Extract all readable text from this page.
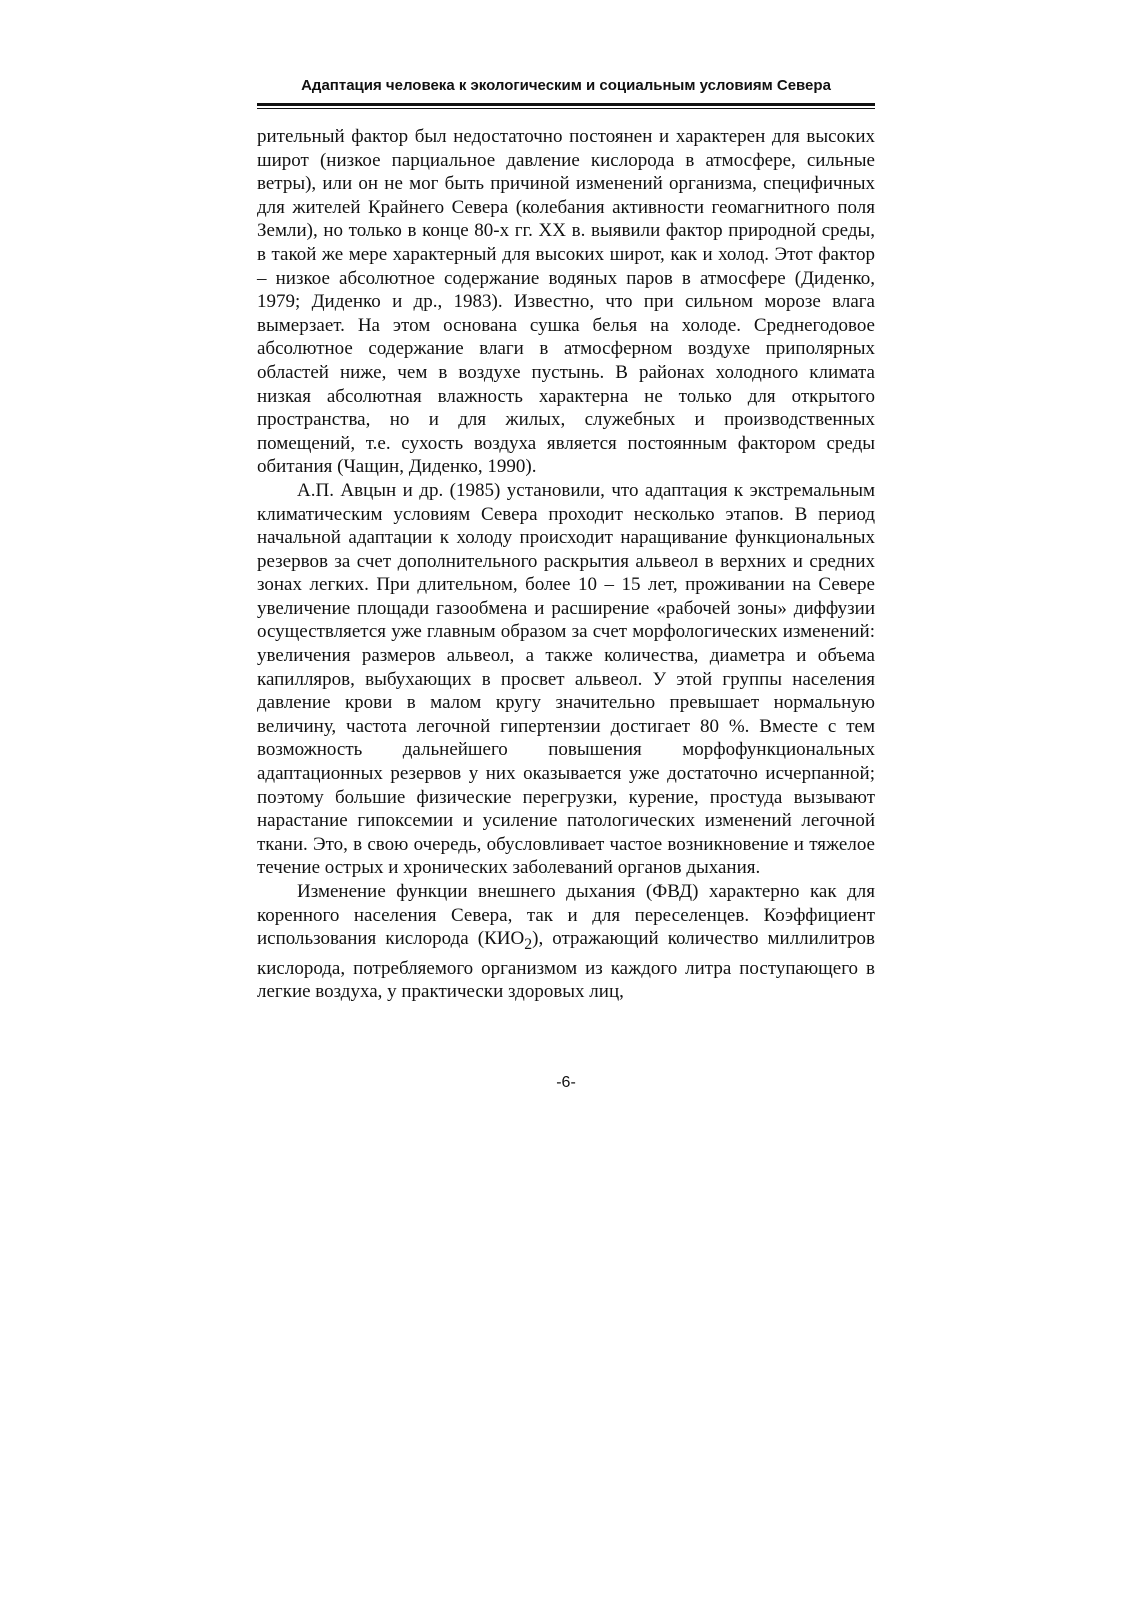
Адаптация человека к экологическим и социальным условиям Севера

рительный фактор был недостаточно постоянен и характерен для высоких широт (низкое парциальное давление кислорода в атмосфере, сильные ветры), или он не мог быть причиной изменений организма, специфичных для жителей Крайнего Севера (колебания активности геомагнитного поля Земли), но только в конце 80-х гг. XX в. выявили фактор природной среды, в такой же мере характерный для высоких широт, как и холод. Этот фактор – низкое абсолютное содержание водяных паров в атмосфере (Диденко, 1979; Диденко и др., 1983). Известно, что при сильном морозе влага вымерзает. На этом основана сушка белья на холоде. Среднегодовое абсолютное содержание влаги в атмосферном воздухе приполярных областей ниже, чем в воздухе пустынь. В районах холодного климата низкая абсолютная влажность характерна не только для открытого пространства, но и для жилых, служебных и производственных помещений, т.е. сухость воздуха является постоянным фактором среды обитания (Чащин, Диденко, 1990).

А.П. Авцын и др. (1985) установили, что адаптация к экстремальным климатическим условиям Севера проходит несколько этапов. В период начальной адаптации к холоду происходит наращивание функциональных резервов за счет дополнительного раскрытия альвеол в верхних и средних зонах легких. При длительном, более 10 – 15 лет, проживании на Севере увеличение площади газообмена и расширение «рабочей зоны» диффузии осуществляется уже главным образом за счет морфологических изменений: увеличения размеров альвеол, а также количества, диаметра и объема капилляров, выбухающих в просвет альвеол. У этой группы населения давление крови в малом кругу значительно превышает нормальную величину, частота легочной гипертензии достигает 80 %. Вместе с тем возможность дальнейшего повышения морфофункциональных адаптационных резервов у них оказывается уже достаточно исчерпанной; поэтому большие физические перегрузки, курение, простуда вызывают нарастание гипоксемии и усиление патологических изменений легочной ткани. Это, в свою очередь, обусловливает частое возникновение и тяжелое течение острых и хронических заболеваний органов дыхания.

Изменение функции внешнего дыхания (ФВД) характерно как для коренного населения Севера, так и для переселенцев. Коэффициент использования кислорода $(КИО_2)$, отражающий количество миллилитров кислорода, потребляемого организмом из каждого литра поступающего в легкие воздуха, у практически здоровых лиц,

-6-
